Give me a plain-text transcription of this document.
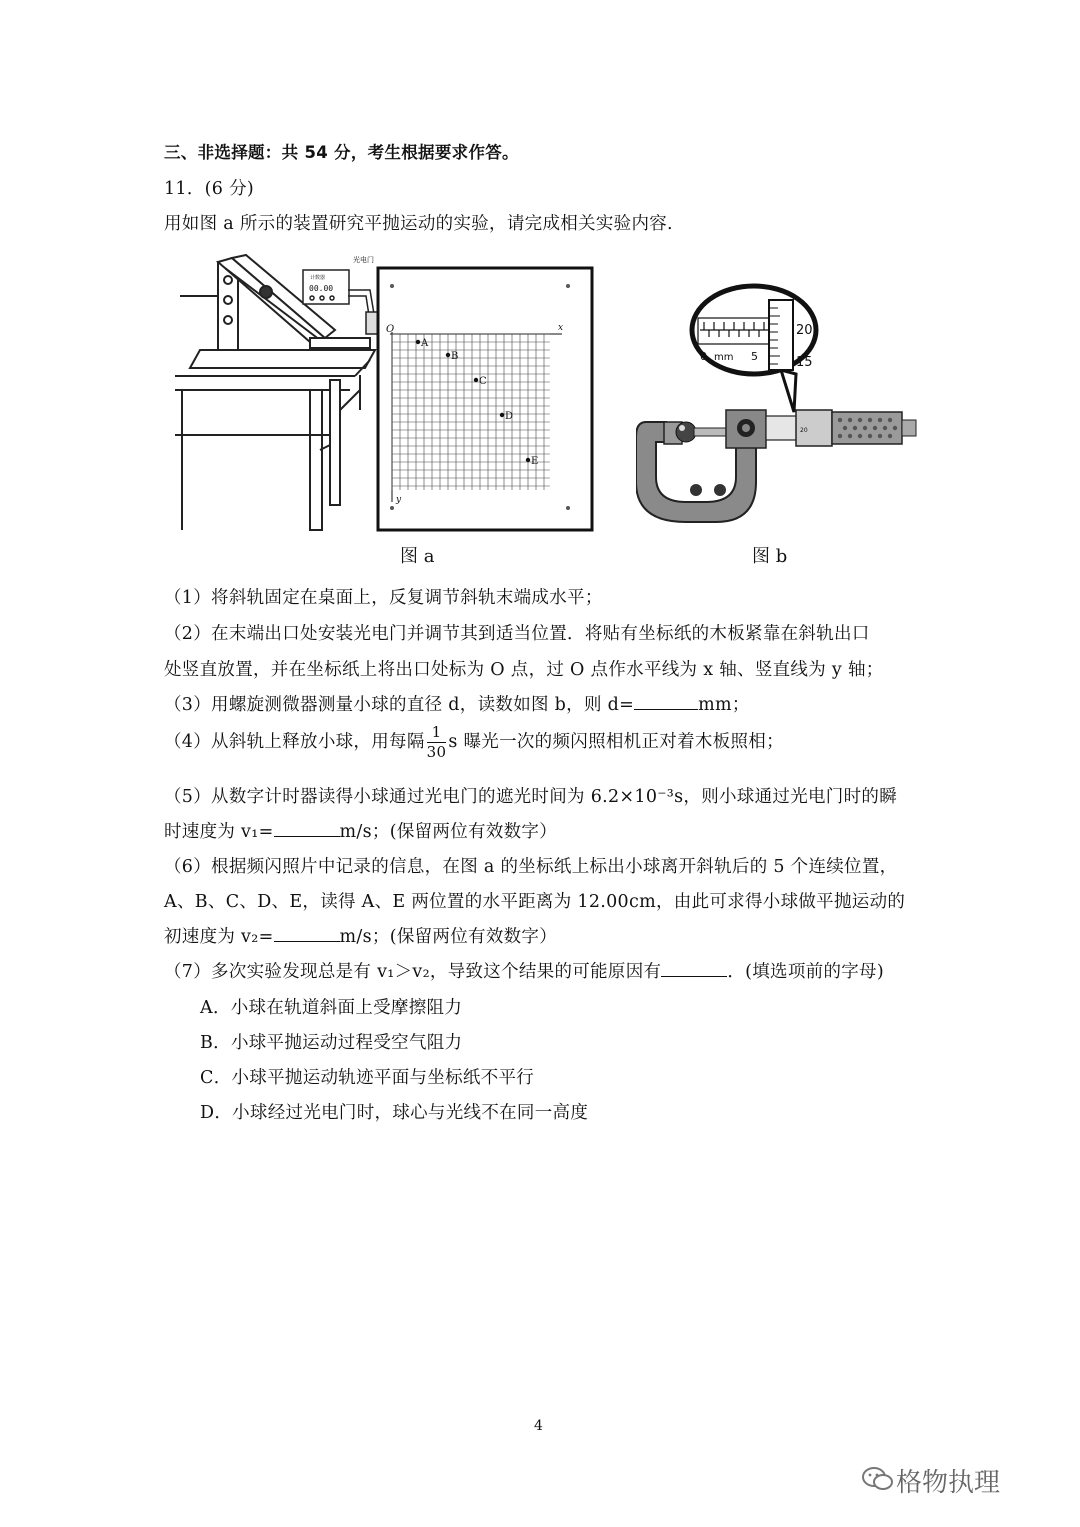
三、非选择题：共 54 分，考生根据要求作答。
11．(6 分)
用如图 a 所示的装置研究平抛运动的实验，请完成相关实验内容.
00.00
计数器
光电门
O	x
y
A
B
C
D
E
图 a
20
15
0 mm 5
20
图 b
（1）将斜轨固定在桌面上，反复调节斜轨末端成水平；
（2）在末端出口处安装光电门并调节其到适当位置．将贴有坐标纸的木板紧靠在斜轨出口
处竖直放置，并在坐标纸上将出口处标为 O 点，过 O 点作水平线为 x 轴、竖直线为 y 轴；
（3）用螺旋测微器测量小球的直径 d，读数如图 b，则 d=	mm；
（4）从斜轨上释放小球，用每隔 $\frac{1}{30}$ s 曝光一次的频闪照相机正对着木板照相；
（5）从数字计时器读得小球通过光电门的遮光时间为 6.2×10⁻³s，则小球通过光电门时的瞬
时速度为 v₁=	m/s；(保留两位有效数字）
（6）根据频闪照片中记录的信息，在图 a 的坐标纸上标出小球离开斜轨后的 5 个连续位置，
A、B、C、D、E，读得 A、E 两位置的水平距离为 12.00cm，由此可求得小球做平抛运动的
初速度为 v₂=	m/s；(保留两位有效数字）
（7）多次实验发现总是有 v₁＞v₂，导致这个结果的可能原因有	．(填选项前的字母)
A．小球在轨道斜面上受摩擦阻力
B．小球平抛运动过程受空气阻力
C．小球平抛运动轨迹平面与坐标纸不平行
D．小球经过光电门时，球心与光线不在同一高度
4
格物执理
